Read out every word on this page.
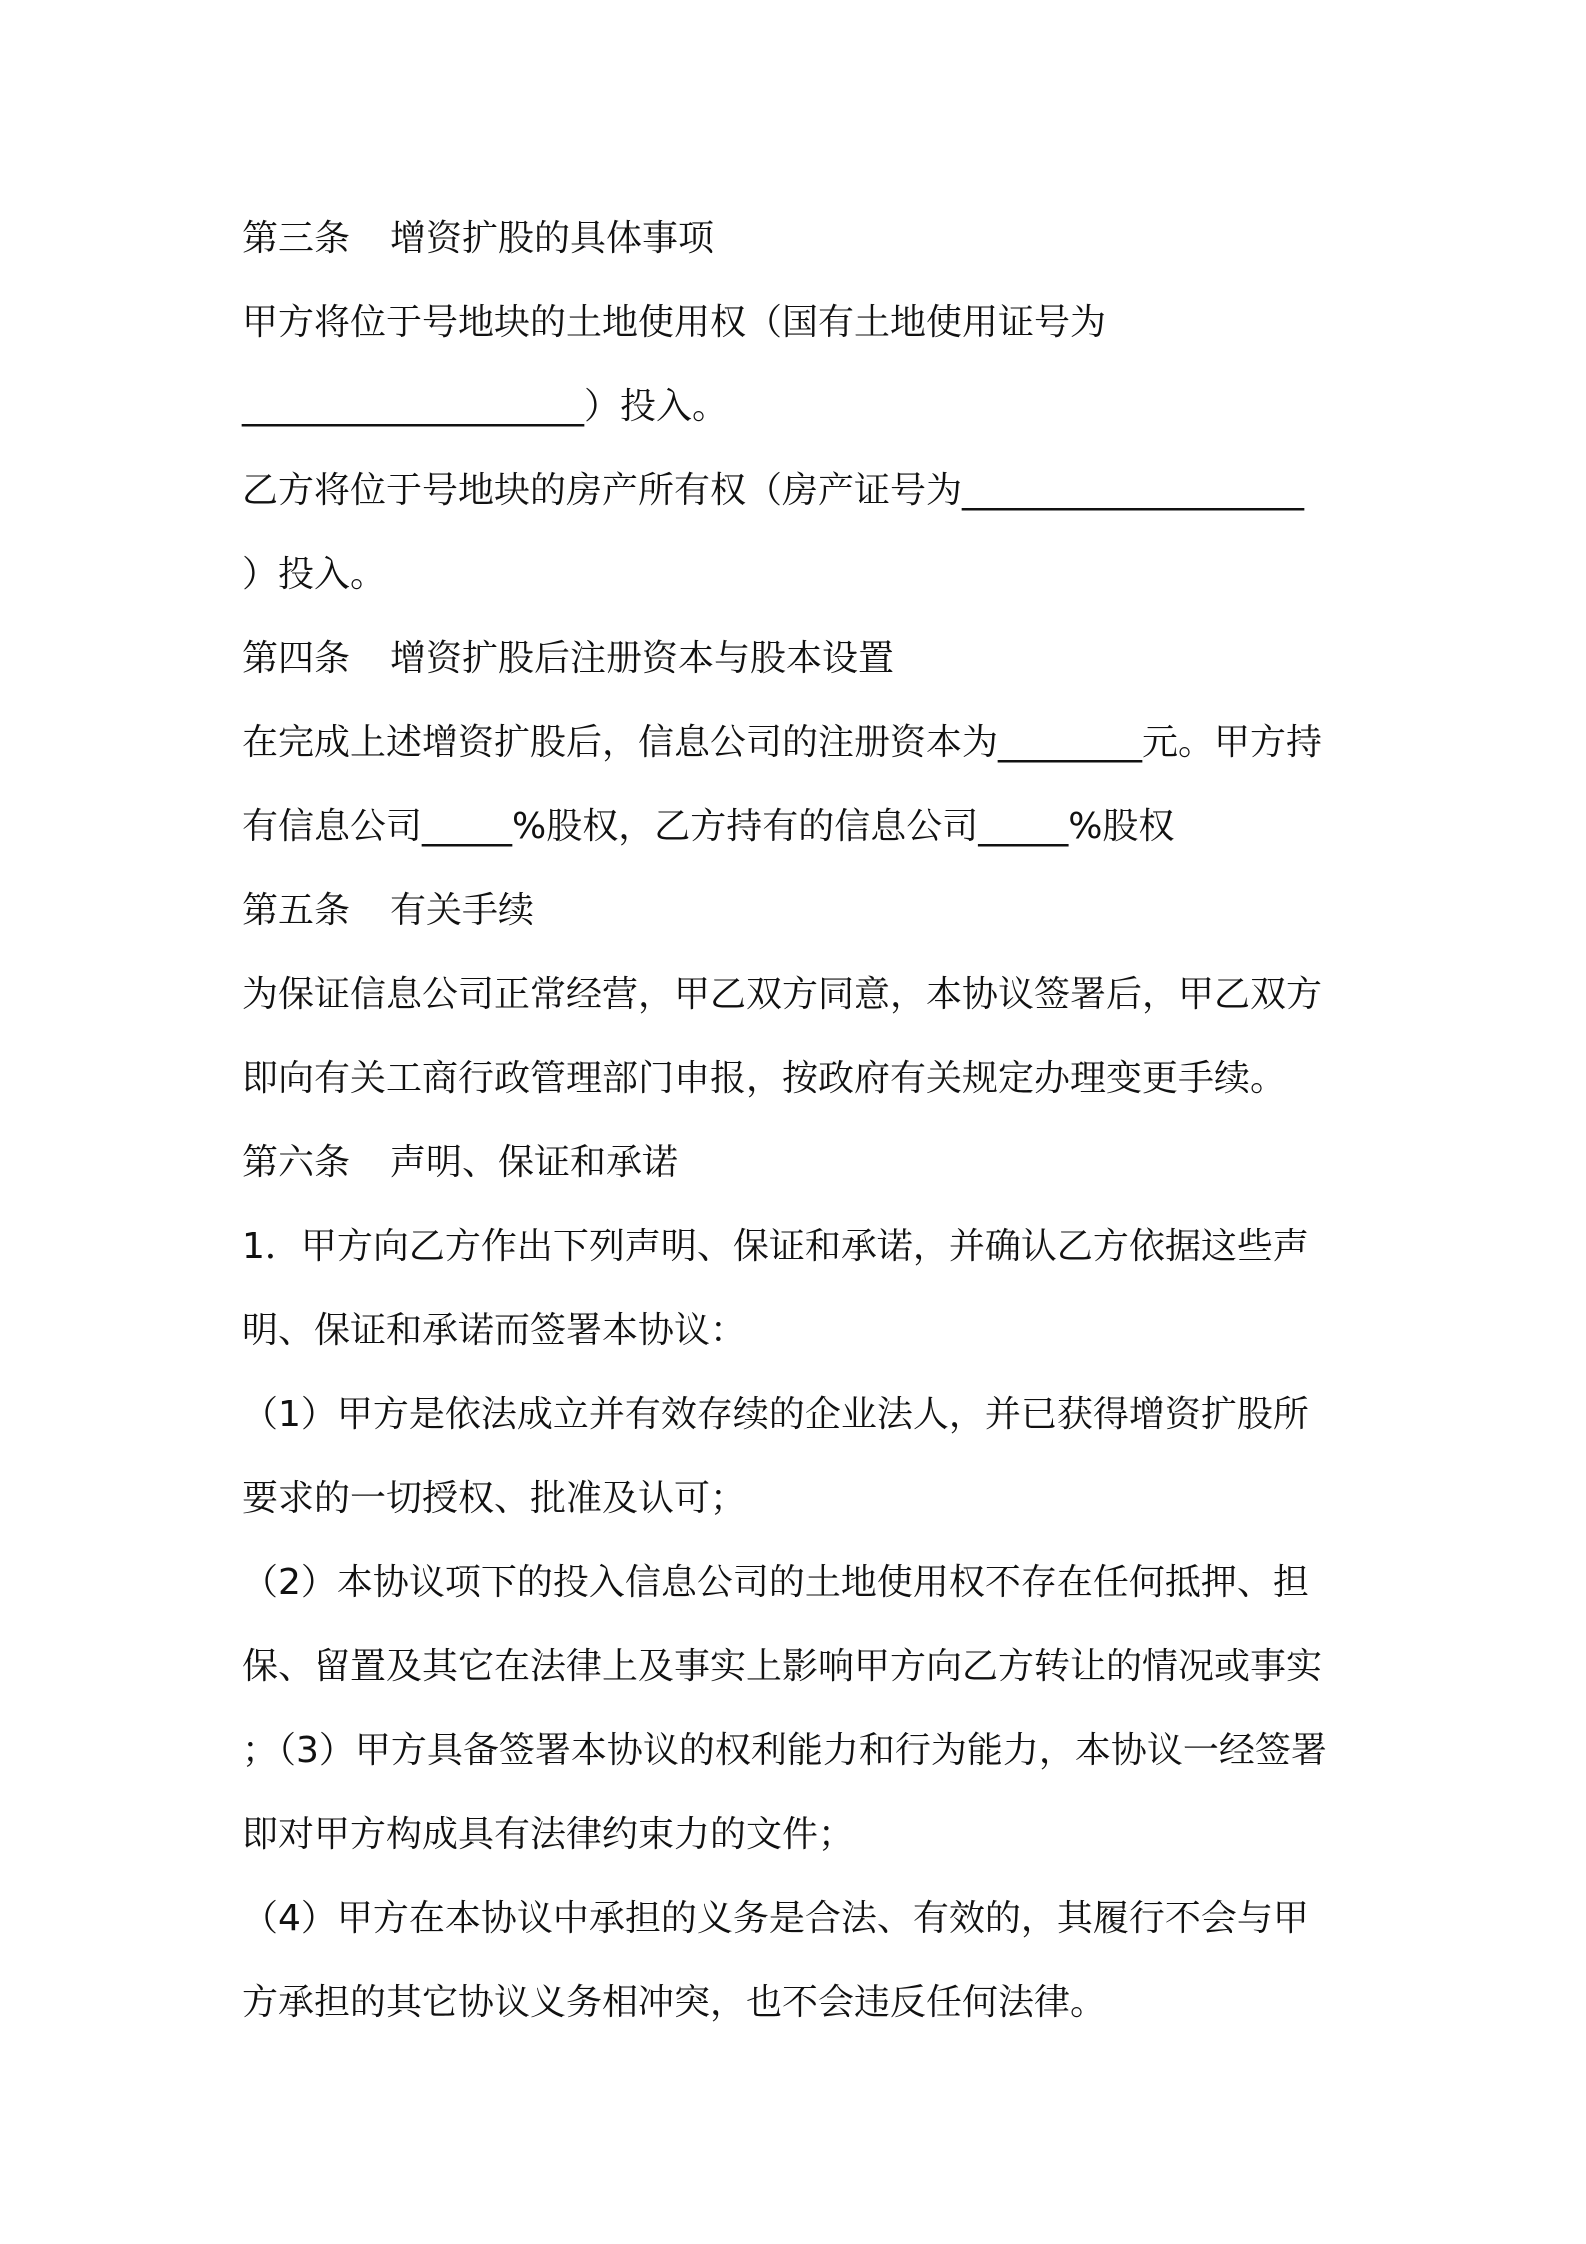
第三条 增资扩股的具体事项
甲方将位于号地块的土地使用权（国有土地使用证号为
___________________）投入。
乙方将位于号地块的房产所有权（房产证号为___________________
）投入。
第四条 增资扩股后注册资本与股本设置
在完成上述增资扩股后，信息公司的注册资本为________元。甲方持
有信息公司_____%股权，乙方持有的信息公司_____%股权
第五条 有关手续
为保证信息公司正常经营，甲乙双方同意，本协议签署后，甲乙双方
即向有关工商行政管理部门申报，按政府有关规定办理变更手续。
第六条 声明、保证和承诺
1．甲方向乙方作出下列声明、保证和承诺，并确认乙方依据这些声
明、保证和承诺而签署本协议：
（1）甲方是依法成立并有效存续的企业法人，并已获得增资扩股所
要求的一切授权、批准及认可；
（2）本协议项下的投入信息公司的土地使用权不存在任何抵押、担
保、留置及其它在法律上及事实上影响甲方向乙方转让的情况或事实
；（3）甲方具备签署本协议的权利能力和行为能力，本协议一经签署
即对甲方构成具有法律约束力的文件；
（4）甲方在本协议中承担的义务是合法、有效的，其履行不会与甲
方承担的其它协议义务相冲突，也不会违反任何法律。
